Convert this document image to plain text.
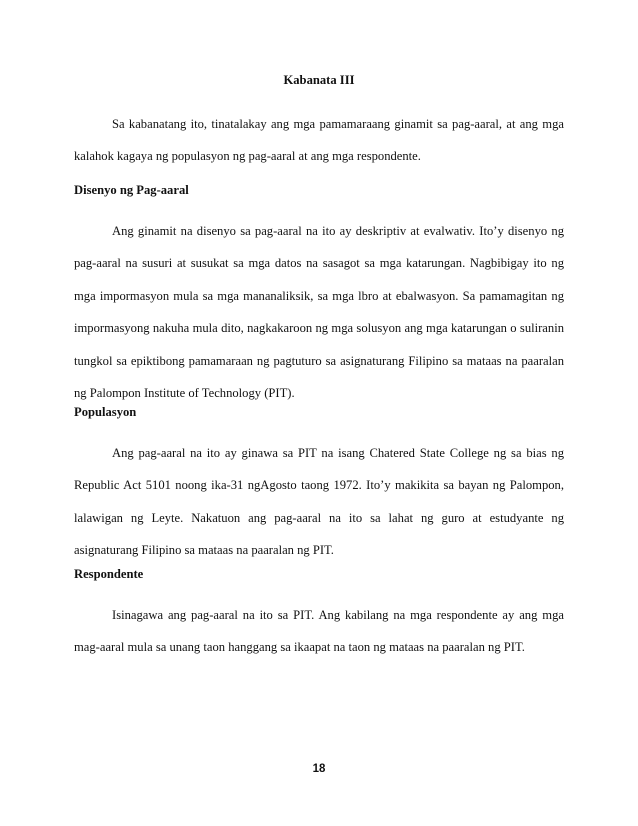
Kabanata III

Sa kabanatang ito, tinatalakay ang mga pamamaraang ginamit sa pag-aaral, at ang mga kalahok kagaya ng populasyon ng pag-aaral at ang mga respondente.

Disenyo ng Pag-aaral

Ang ginamit na disenyo sa pag-aaral na ito ay deskriptiv at evalwativ. Ito’y disenyo ng pag-aaral na susuri at susukat sa mga datos na sasagot sa mga katarungan. Nagbibigay ito ng mga impormasyon mula sa mga mananaliksik, sa mga lbro at ebalwasyon. Sa pamamagitan ng impormasyong nakuha mula dito, nagkakaroon ng mga solusyon ang mga katarungan o suliranin tungkol sa epiktibong pamamaraan ng pagtuturo sa asignaturang Filipino sa mataas na paaralan ng Palompon Institute of Technology (PIT).

Populasyon

Ang pag-aaral na ito ay ginawa sa PIT na isang Chatered State College ng sa bias ng Republic Act 5101 noong ika-31 ngAgosto taong 1972. Ito’y makikita sa bayan ng Palompon, lalawigan ng Leyte. Nakatuon ang pag-aaral na ito sa lahat ng guro at estudyante ng asignaturang Filipino sa mataas na paaralan ng PIT.

Respondente

Isinagawa ang pag-aaral na ito sa PIT. Ang kabilang na mga respondente ay ang mga mag-aaral mula sa unang taon hanggang sa ikaapat na taon ng mataas na paaralan ng PIT.

18
